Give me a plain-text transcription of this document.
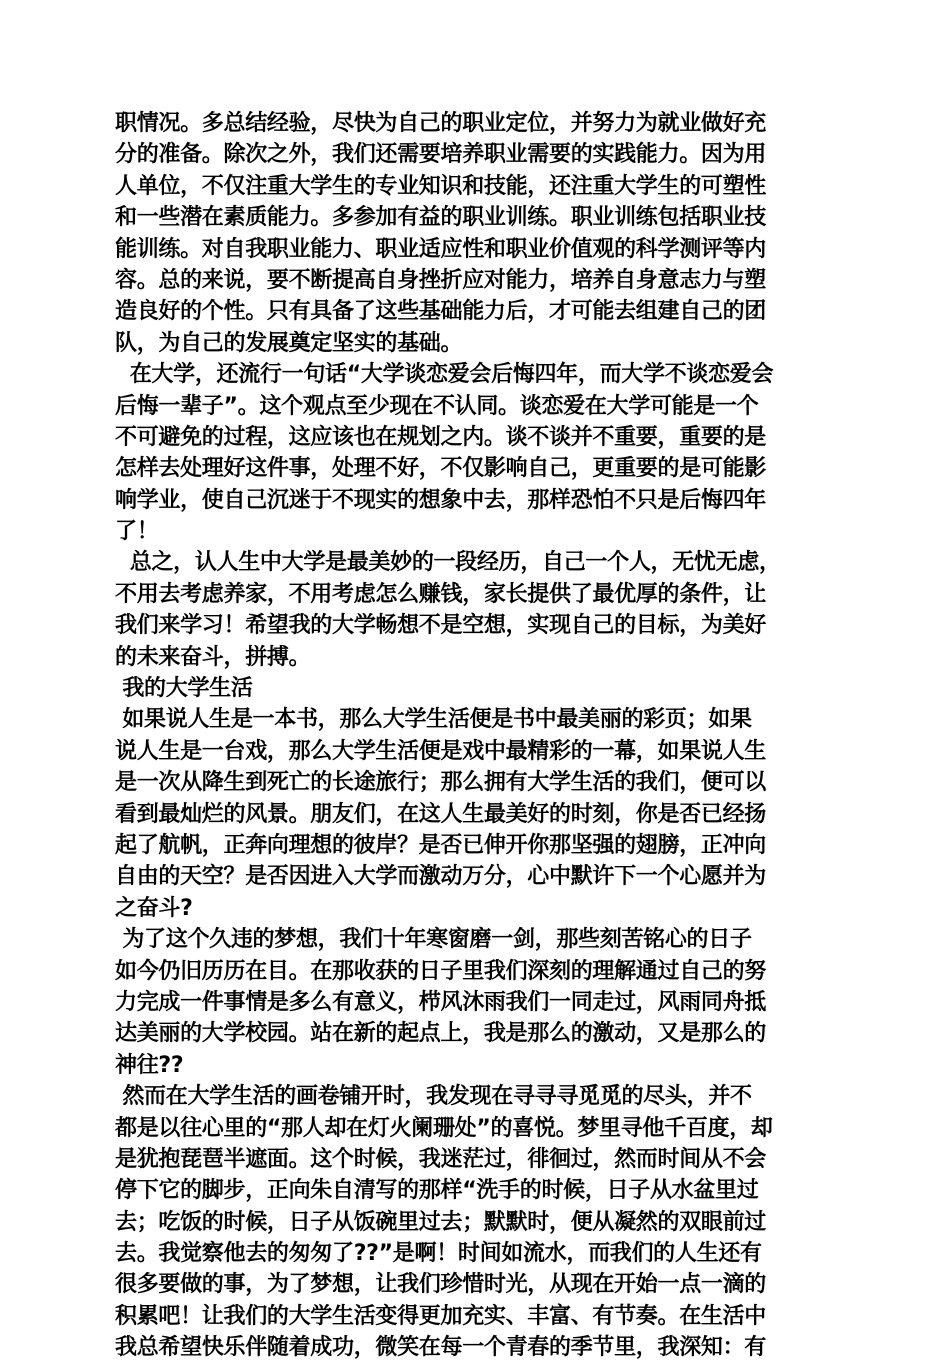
职情况。多总结经验，尽快为自己的职业定位，并努力为就业做好充
分的准备。除次之外，我们还需要培养职业需要的实践能力。因为用
人单位，不仅注重大学生的专业知识和技能，还注重大学生的可塑性
和一些潜在素质能力。多参加有益的职业训练。职业训练包括职业技
能训练。对自我职业能力、职业适应性和职业价值观的科学测评等内
容。总的来说，要不断提高自身挫折应对能力，培养自身意志力与塑
造良好的个性。只有具备了这些基础能力后，才可能去组建自己的团
队，为自己的发展奠定坚实的基础。
在大学，还流行一句话“大学谈恋爱会后悔四年，而大学不谈恋爱会
后悔一辈子”。这个观点至少现在不认同。谈恋爱在大学可能是一个
不可避免的过程，这应该也在规划之内。谈不谈并不重要，重要的是
怎样去处理好这件事，处理不好，不仅影响自己，更重要的是可能影
响学业，使自己沉迷于不现实的想象中去，那样恐怕不只是后悔四年
了！
总之，认人生中大学是最美妙的一段经历，自己一个人，无忧无虑，
不用去考虑养家，不用考虑怎么赚钱，家长提供了最优厚的条件，让
我们来学习！希望我的大学畅想不是空想，实现自己的目标，为美好
的未来奋斗，拼搏。
我的大学生活
如果说人生是一本书，那么大学生活便是书中最美丽的彩页；如果
说人生是一台戏，那么大学生活便是戏中最精彩的一幕，如果说人生
是一次从降生到死亡的长途旅行；那么拥有大学生活的我们，便可以
看到最灿烂的风景。朋友们，在这人生最美好的时刻，你是否已经扬
起了航帆，正奔向理想的彼岸？是否已伸开你那坚强的翅膀，正冲向
自由的天空？是否因进入大学而激动万分，心中默许下一个心愿并为
之奋斗?
为了这个久违的梦想，我们十年寒窗磨一剑，那些刻苦铭心的日子
如今仍旧历历在目。在那收获的日子里我们深刻的理解通过自己的努
力完成一件事情是多么有意义，栉风沐雨我们一同走过，风雨同舟抵
达美丽的大学校园。站在新的起点上，我是那么的激动，又是那么的
神往??
然而在大学生活的画卷铺开时，我发现在寻寻寻觅觅的尽头，并不
都是以往心里的“那人却在灯火阑珊处”的喜悦。梦里寻他千百度，却
是犹抱琵琶半遮面。这个时候，我迷茫过，徘徊过，然而时间从不会
停下它的脚步，正向朱自清写的那样“洗手的时候，日子从水盆里过
去；吃饭的时候，日子从饭碗里过去；默默时，便从凝然的双眼前过
去。我觉察他去的匆匆了??”是啊！时间如流水，而我们的人生还有
很多要做的事，为了梦想，让我们珍惜时光，从现在开始一点一滴的
积累吧！让我们的大学生活变得更加充实、丰富、有节奏。在生活中
我总希望快乐伴随着成功，微笑在每一个青春的季节里，我深知：有
